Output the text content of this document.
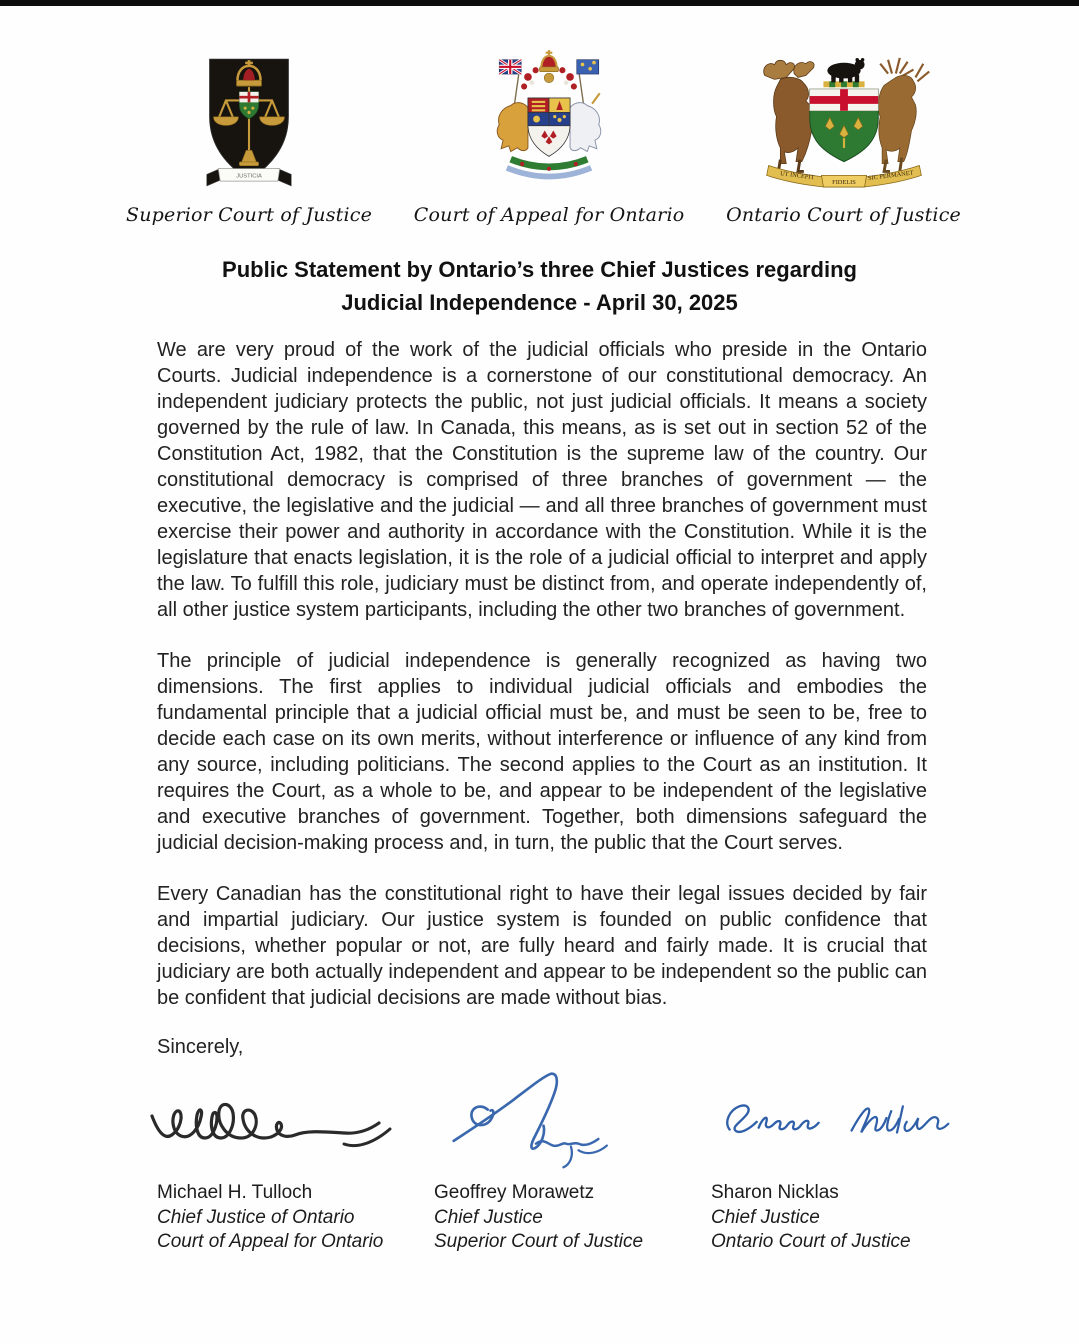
JUSTICIA
Superior Court of Justice Court of Appeal for Ontario
UT INCEPIT
FIDELIS
SIC PERMANET
Ontario Court of Justice
Public Statement by Ontario’s three Chief Justices regarding
Judicial Independence - April 30, 2025

We are very proud of the work of the judicial officials who preside in the Ontario Courts. Judicial independence is a cornerstone of our constitutional democracy. An independent judiciary protects the public, not just judicial officials. It means a society governed by the rule of law. In Canada, this means, as is set out in section 52 of the Constitution Act, 1982, that the Constitution is the supreme law of the country. Our constitutional democracy is comprised of three branches of government — the executive, the legislative and the judicial — and all three branches of government must exercise their power and authority in accordance with the Constitution. While it is the legislature that enacts legislation, it is the role of a judicial official to interpret and apply the law. To fulfill this role, judiciary must be distinct from, and operate independently of, all other justice system participants, including the other two branches of government.

The principle of judicial independence is generally recognized as having two dimensions. The first applies to individual judicial officials and embodies the fundamental principle that a judicial official must be, and must be seen to be, free to decide each case on its own merits, without interference or influence of any kind from any source, including politicians. The second applies to the Court as an institution. It requires the Court, as a whole to be, and appear to be independent of the legislative and executive branches of government. Together, both dimensions safeguard the judicial decision-making process and, in turn, the public that the Court serves.

Every Canadian has the constitutional right to have their legal issues decided by fair and impartial judiciary. Our justice system is founded on public confidence that decisions, whether popular or not, are fully heard and fairly made. It is crucial that judiciary are both actually independent and appear to be independent so the public can be confident that judicial decisions are made without bias.

Sincerely,
Michael H. Tulloch
Chief Justice of Ontario
Court of Appeal for Ontario
Geoffrey Morawetz
Chief Justice
Superior Court of Justice
Sharon Nicklas
Chief Justice
Ontario Court of Justice
